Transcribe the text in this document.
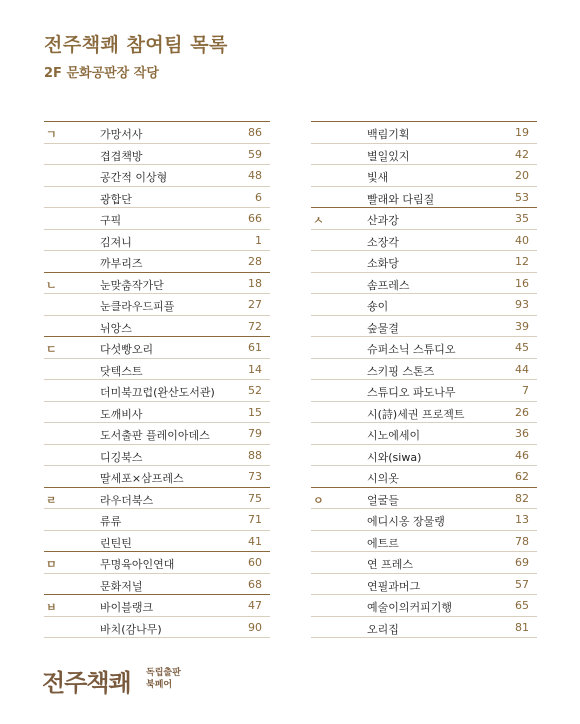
전주책쾌 참여팀 목록
2F 문화공판장 작당
ㄱ	가망서사	86
겹겹책방	59
공간적 이상형	48
광합단	6
구픽	66
김져니	1
까부리즈	28
ㄴ	눈맞춤작가단	18
눈클라우드피플	27
뉘앙스	72
ㄷ	다섯빵오리	61
닷텍스트	14
더미북끄럽(완산도서관)	52
도깨비사	15
도서출판 플레이아데스	79
디깅북스	88
딸세포×삼프레스	73
ㄹ	라우더북스	75
류류	71
린틴틴	41
ㅁ	무명육아인연대	60
문화저널	68
ㅂ	바이블랭크	47
바치(감나무)	90
백림기획	19
별일있지	42
빛새	20
빨래와 다림질	53
ㅅ	산과강	35
소장각	40
소화당	12
솜프레스	16
숑이	93
숲물결	39
슈퍼소닉 스튜디오	45
스키핑 스톤즈	44
스튜디오 파도나무	7
시(詩)세권 프로젝트	26
시노에세이	36
시와(siwa)	46
시의옷	62
ㅇ	얼굴들	82
에디시옹 장물랭	13
에트르	78
연 프레스	69
연필과머그	57
예술이의커피기행	65
오리집	81
전주책쾌 독립출판
북페어
